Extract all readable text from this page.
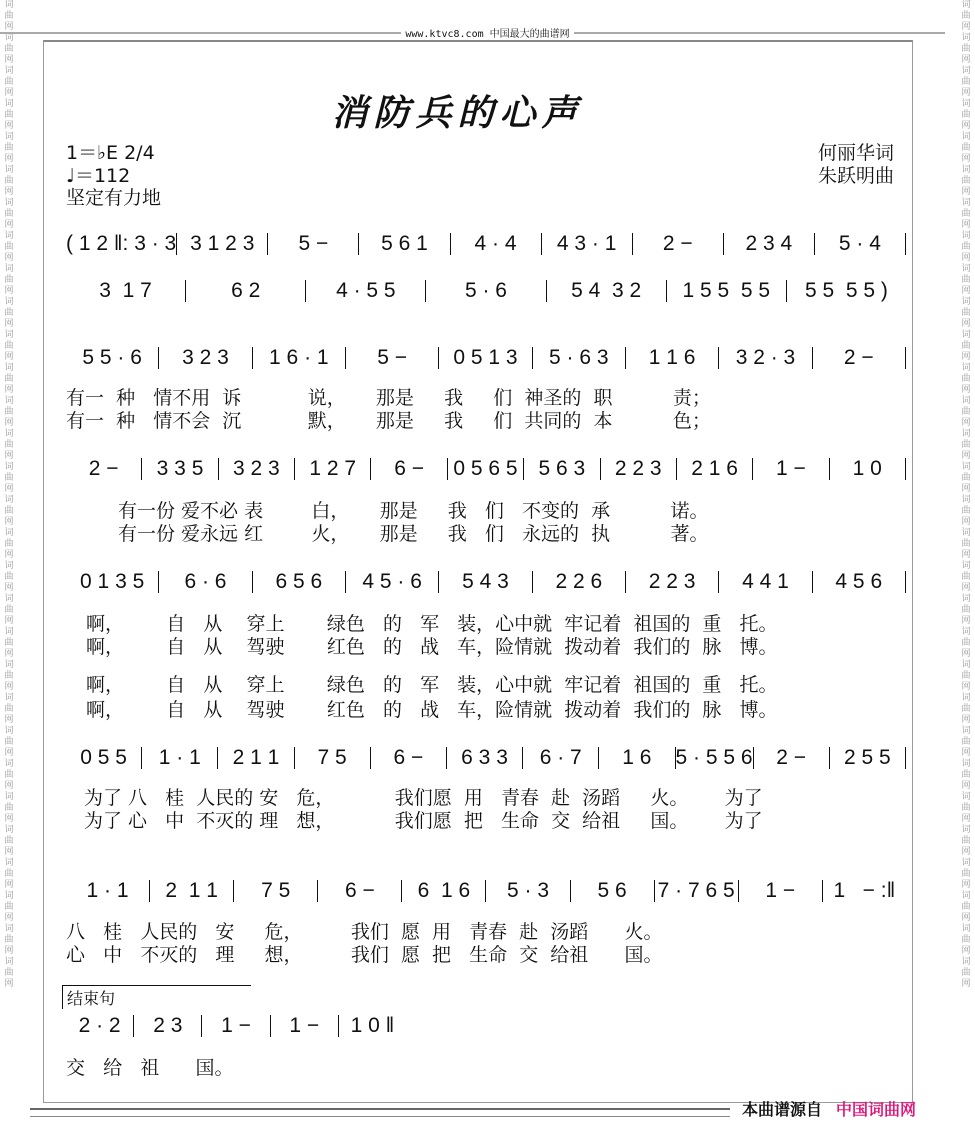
词曲网词曲网词曲网词曲网词曲网词曲网词曲网词曲网词曲网词曲网词曲网词曲网词曲网词曲网词曲网词曲网词曲网词曲网词曲网词曲网词曲网词曲网词曲网词曲网词曲网词曲网词曲网词曲网词曲网词曲网
词曲网词曲网词曲网词曲网词曲网词曲网词曲网词曲网词曲网词曲网词曲网词曲网词曲网词曲网词曲网词曲网词曲网词曲网词曲网词曲网词曲网词曲网词曲网词曲网词曲网词曲网词曲网词曲网词曲网词曲网
www.ktvc8.com 中国最大的曲谱网
消防兵的心声
1＝♭E 2/4
♩＝112
坚定有力地
何丽华词
朱跃明曲
( 1 2 ‖: 3 · 3 3 1 2 3	5 −	5 6 1	4 · 4	4 3 · 1	2 −	2 3 4	5 · 4
3  1 7	6 2	4 · 5 5	5 · 6	5 4  3 2	1 5 5  5 5	5 5  5 5 )
5 5 · 6	3 2 3	1 6 · 1	5 −	0 5 1 3	5 · 6 3	1 1 6	3 2 · 3	2 −
有一  种   情不用  诉           说，     那是     我     们  神圣的  职          责；
有一  种   情不会  沉           默，     那是     我     们  共同的  本          色；
2 −	3 3 5	3 2 3	1 2 7	6 −	0 5 6 5 5 6 3	2 2 3	2 1 6	1 −	1 0
有一份 爱不必 表        白，     那是     我   们   不变的  承          诺。
有一份 爱永远 红        火，     那是     我   们   永远的  执          著。
0 1 3 5	6 · 6	6 5 6	4 5 · 6	5 4 3	2 2 6	2 2 3	4 4 1	4 5 6
啊，       自   从    穿上       绿色   的   军   装，心中就  牢记着  祖国的  重   托。
啊，       自   从    驾驶       红色   的   战   车，险情就  拨动着  我们的  脉   博。
啊，       自   从    穿上       绿色   的   军   装，心中就  牢记着  祖国的  重   托。
啊，       自   从    驾驶       红色   的   战   车，险情就  拨动着  我们的  脉   博。
0 5 5	1 · 1	2 1 1	7 5	6 −	6 3 3	6 · 7	1 6	5 · 5 5 6	2 −	2 5 5
为了 八   桂  人民的 安   危，          我们愿  用   青春  赴  汤蹈     火。      为了
为了 心   中  不灭的 理   想，          我们愿  把   生命  交  给祖     国。      为了
1 · 1	2  1 1	7 5	6 −	6  1 6	5 · 3	5 6	7 · 7 6 5	1 −	1   − :‖
八   桂   人民的   安     危，        我们  愿  用   青春  赴  汤蹈      火。
心   中   不灭的   理     想，        我们  愿  把   生命  交  给祖      国。
结束句
2 · 2	2 3	1 −	1 −	1 0 ‖
交   给   祖      国。
本曲谱源自 中国词曲网
